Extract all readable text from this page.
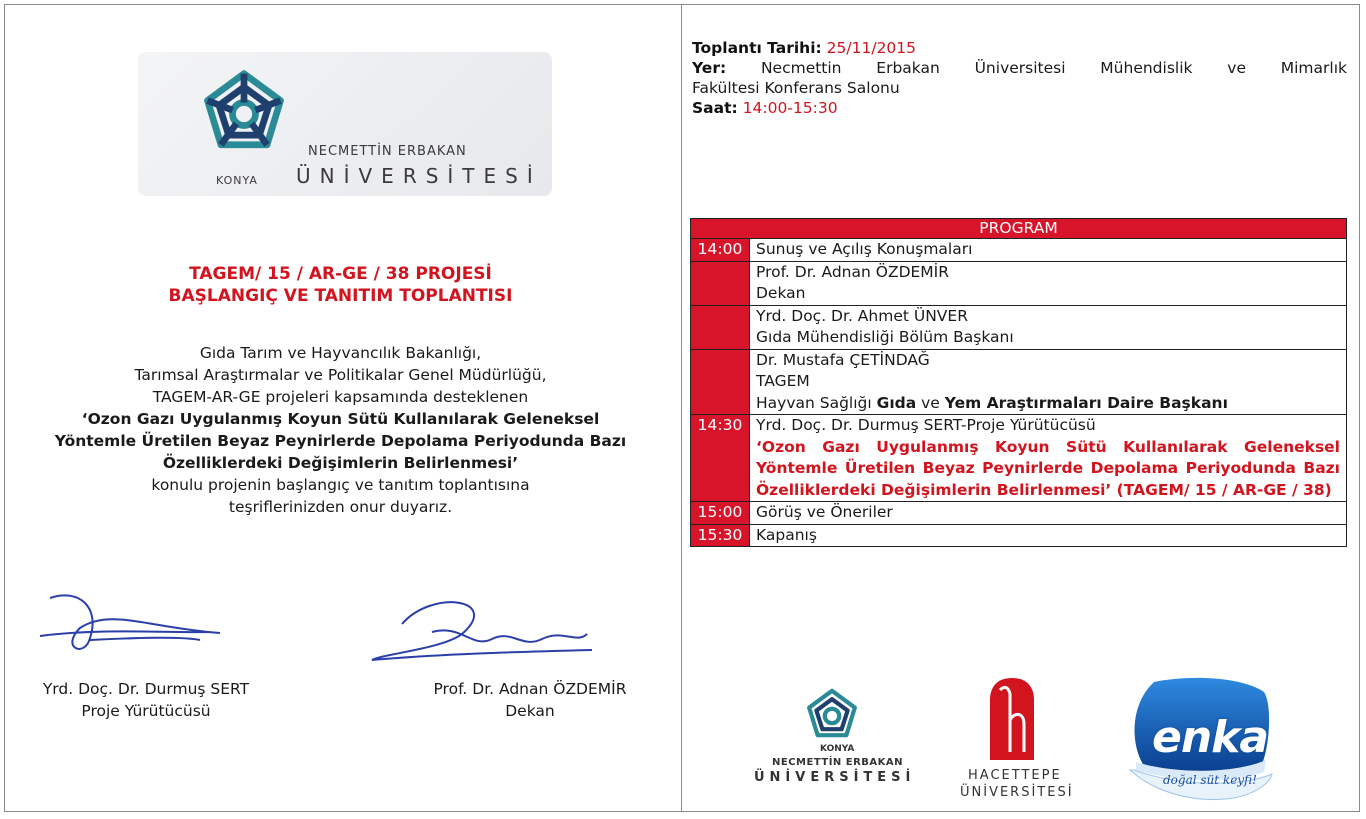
NECMETTİN ERBAKAN
KONYA ÜNİVERSİTESİ
TAGEM/ 15 / AR-GE / 38 PROJESİ
BAŞLANGIÇ VE TANITIM TOPLANTISI
Gıda Tarım ve Hayvancılık Bakanlığı,
Tarımsal Araştırmalar ve Politikalar Genel Müdürlüğü,
TAGEM-AR-GE projeleri kapsamında desteklenen
‘Ozon Gazı Uygulanmış Koyun Sütü Kullanılarak Geleneksel
Yöntemle Üretilen Beyaz Peynirlerde Depolama Periyodunda Bazı
Özelliklerdeki Değişimlerin Belirlenmesi’
konulu projenin başlangıç ve tanıtım toplantısına
teşriflerinizden onur duyarız.
Yrd. Doç. Dr. Durmuş SERT
Proje Yürütücüsü
Prof. Dr. Adnan ÖZDEMİR
Dekan
Toplantı Tarihi: 25/11/2015
Yer: Necmettin Erbakan Üniversitesi Mühendislik ve Mimarlık
Fakültesi Konferans Salonu
Saat: 14:00-15:30
PROGRAM	
14:00	Sunuş ve Açılış Konuşmaları

	Prof. Dr. Adnan ÖZDEMİR
Dekan

	Yrd. Doç. Dr. Ahmet ÜNVER
Gıda Mühendisliği Bölüm Başkanı

	Dr. Mustafa ÇETİNDAĞ
TAGEM
Hayvan Sağlığı Gıda ve Yem Araştırmaları Daire Başkanı

14:30	Yrd. Doç. Dr. Durmuş SERT-Proje Yürütücüsü
‘Ozon Gazı Uygulanmış Koyun Sütü Kullanılarak Geleneksel Yöntemle Üretilen Beyaz Peynirlerde Depolama Periyodunda Bazı Özelliklerdeki Değişimlerin Belirlenmesi’ (TAGEM/ 15 / AR-GE / 38)

15:00	Görüş ve Öneriler

15:30	Kapanış
KONYA
NECMETTİN ERBAKAN
ÜNİVERSİTESİ	HACETTEPE
ÜNİVERSİTESİ
enka
doğal süt keyfi!
